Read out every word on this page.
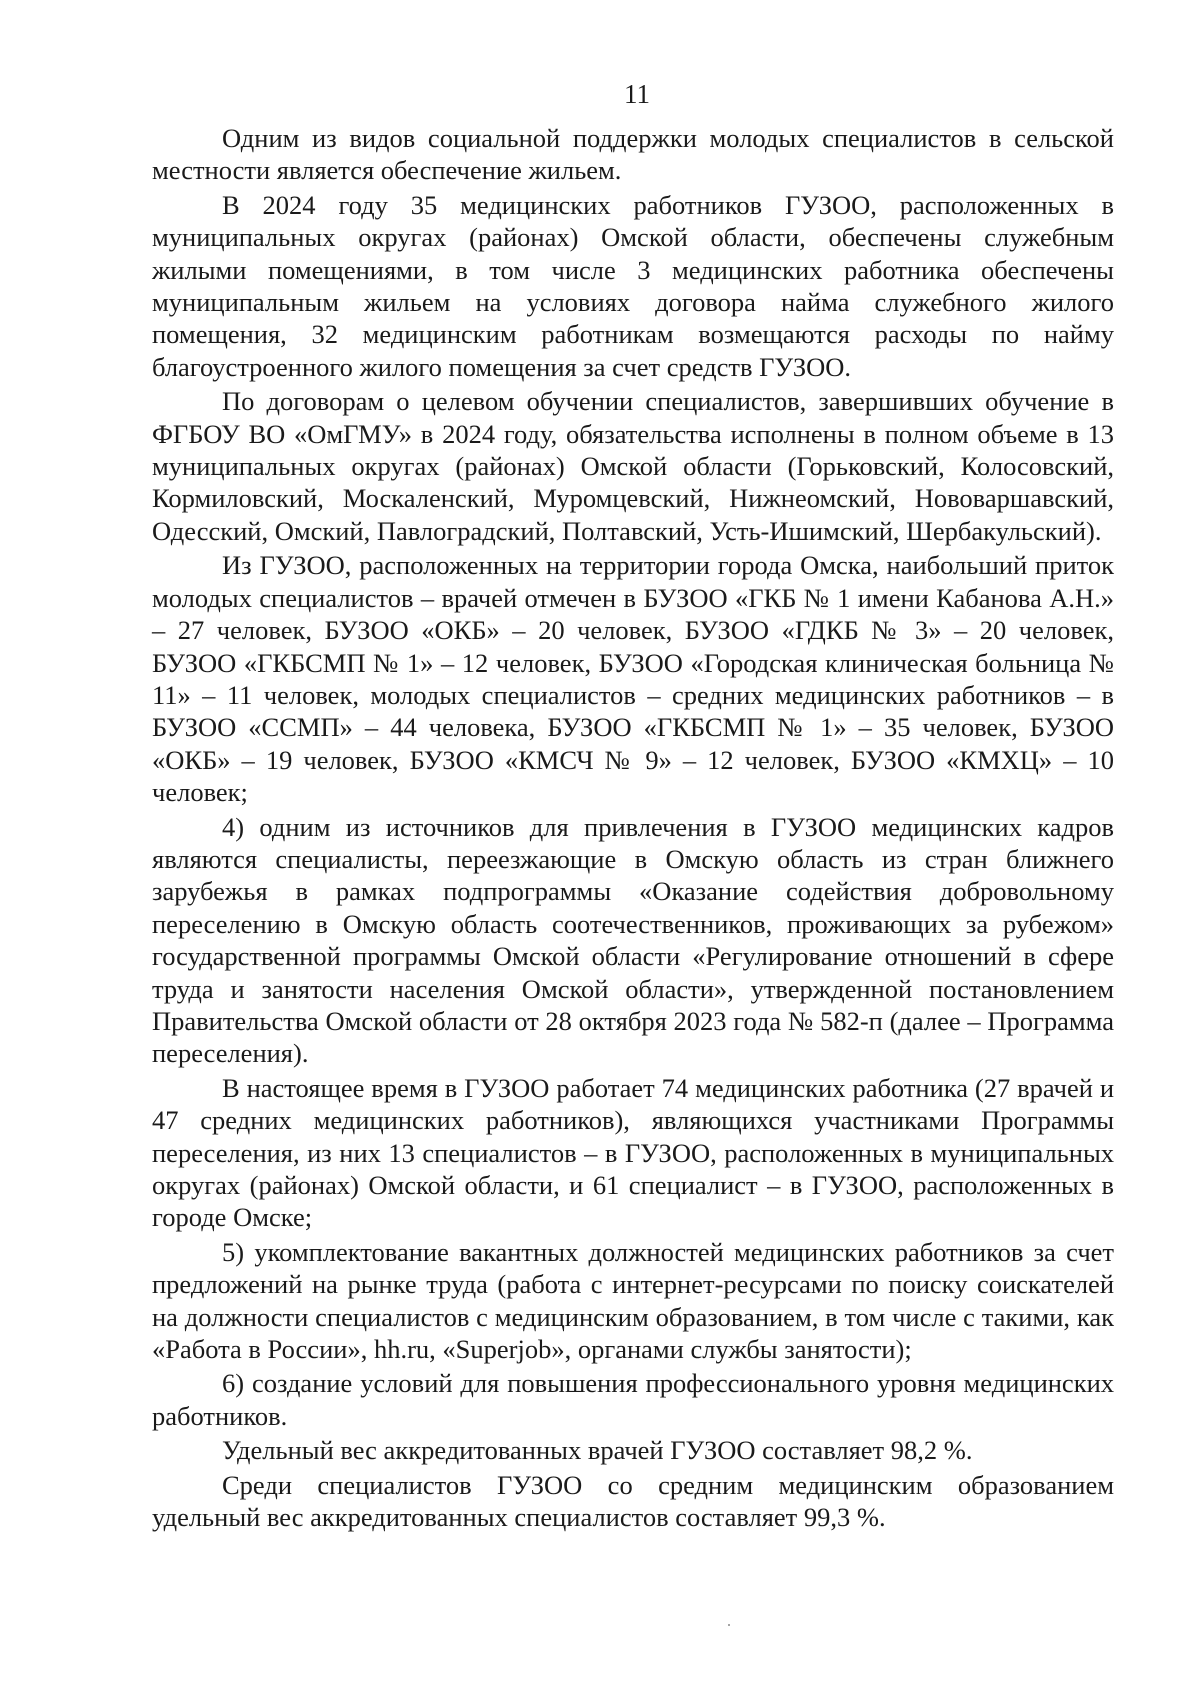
11

Одним из видов социальной поддержки молодых специалистов в сельской местности является обеспечение жильем.

В 2024 году 35 медицинских работников ГУЗОО, расположенных в муниципальных округах (районах) Омской области, обеспечены служебным жилыми помещениями, в том числе 3 медицинских работника обеспечены муниципальным жильем на условиях договора найма служебного жилого помещения, 32 медицинским работникам возмещаются расходы по найму благоустроенного жилого помещения за счет средств ГУЗОО.

По договорам о целевом обучении специалистов, завершивших обучение в ФГБОУ ВО «ОмГМУ» в 2024 году, обязательства исполнены в полном объеме в 13 муниципальных округах (районах) Омской области (Горьковский, Колосовский, Кормиловский, Москаленский, Муромцевский, Нижнеомский, Нововаршавский, Одесский, Омский, Павлоградский, Полтавский, Усть-Ишимский, Шербакульский).

Из ГУЗОО, расположенных на территории города Омска, наибольший приток молодых специалистов – врачей отмечен в БУЗОО «ГКБ № 1 имени Кабанова А.Н.» – 27 человек, БУЗОО «ОКБ» – 20 человек, БУЗОО «ГДКБ № 3» – 20 человек, БУЗОО «ГКБСМП № 1» – 12 человек, БУЗОО «Городская клиническая больница № 11» – 11 человек, молодых специалистов – средних медицинских работников – в БУЗОО «ССМП» – 44 человека, БУЗОО «ГКБСМП № 1» – 35 человек, БУЗОО «ОКБ» – 19 человек, БУЗОО «КМСЧ № 9» – 12 человек, БУЗОО «КМХЦ» – 10 человек;

4) одним из источников для привлечения в ГУЗОО медицинских кадров являются специалисты, переезжающие в Омскую область из стран ближнего зарубежья в рамках подпрограммы «Оказание содействия добровольному переселению в Омскую область соотечественников, проживающих за рубежом» государственной программы Омской области «Регулирование отношений в сфере труда и занятости населения Омской области», утвержденной постановлением Правительства Омской области от 28 октября 2023 года № 582-п (далее – Программа переселения).

В настоящее время в ГУЗОО работает 74 медицинских работника (27 врачей и 47 средних медицинских работников), являющихся участниками Программы переселения, из них 13 специалистов – в ГУЗОО, расположенных в муниципальных округах (районах) Омской области, и 61 специалист – в ГУЗОО, расположенных в городе Омске;

5) укомплектование вакантных должностей медицинских работников за счет предложений на рынке труда (работа с интернет-ресурсами по поиску соискателей на должности специалистов с медицинским образованием, в том числе с такими, как «Работа в России», hh.ru, «Superjob», органами службы занятости);

6) создание условий для повышения профессионального уровня медицинских работников.

Удельный вес аккредитованных врачей ГУЗОО составляет 98,2 %.

Среди специалистов ГУЗОО со средним медицинским образованием удельный вес аккредитованных специалистов составляет 99,3 %.
